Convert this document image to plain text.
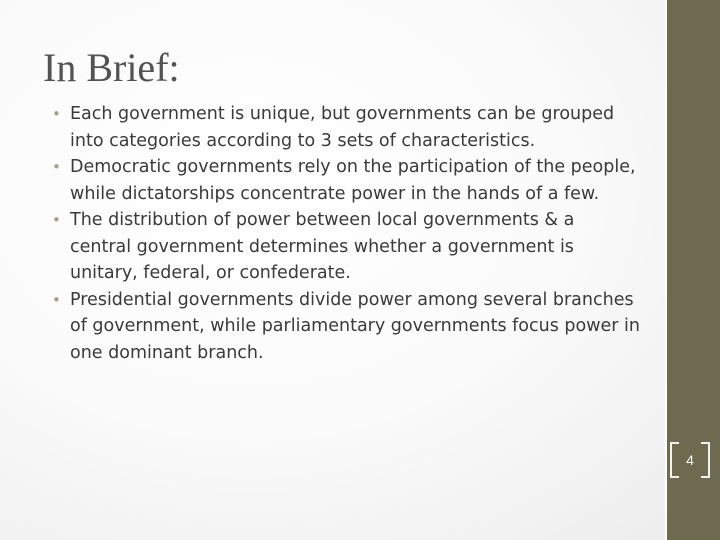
In Brief:
• Each government is unique, but governments can be grouped into categories according to 3 sets of characteristics.
• Democratic governments rely on the participation of the people, while dictatorships concentrate power in the hands of a few.
• The distribution of power between local governments & a central government determines whether a government is unitary, federal, or confederate.
• Presidential governments divide power among several branches of government, while parliamentary governments focus power in one dominant branch.
4
